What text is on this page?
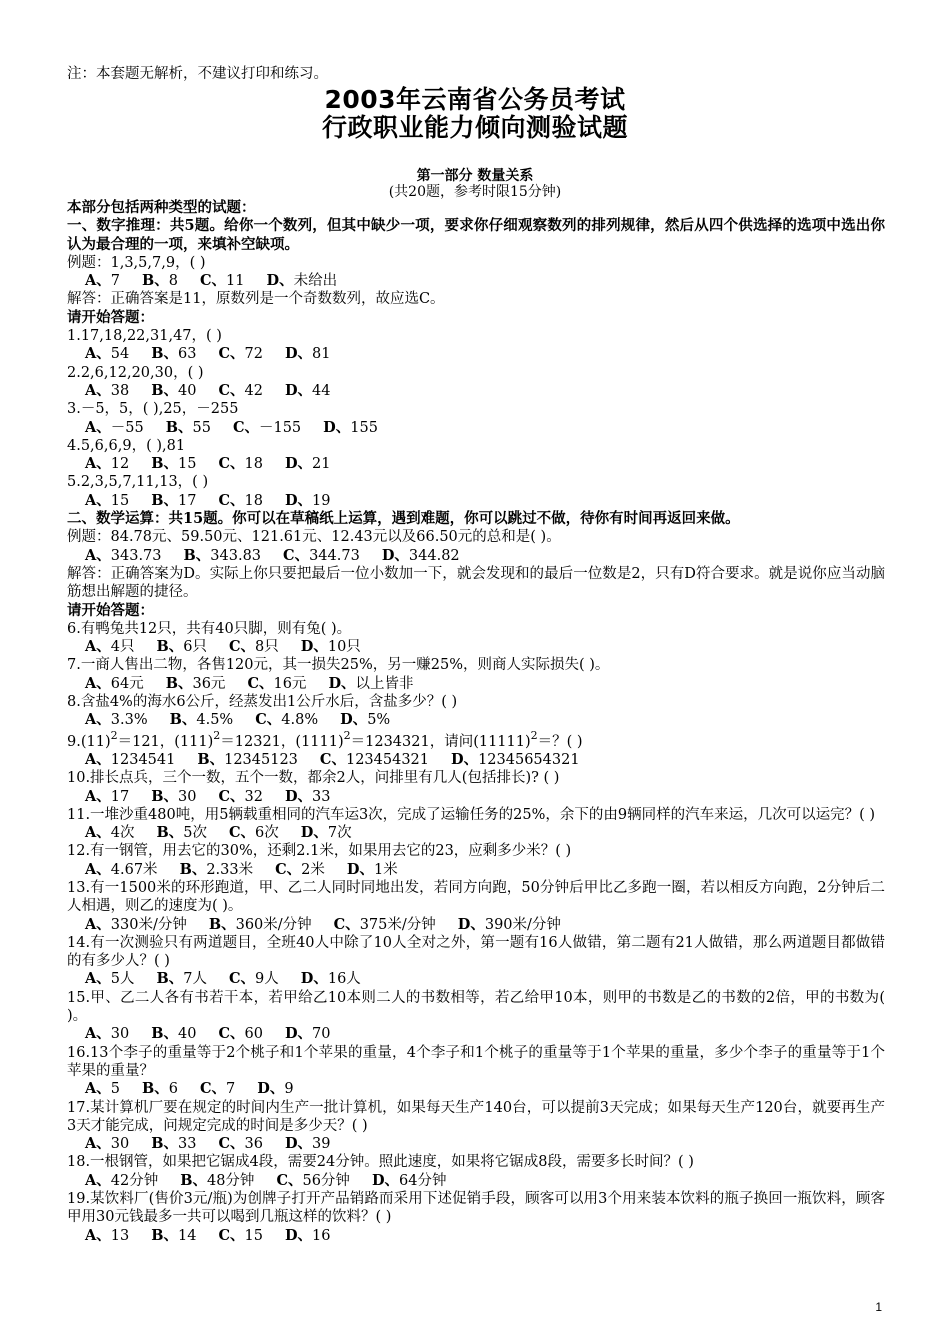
注：本套题无解析，不建议打印和练习。
2003年云南省公务员考试
行政职业能力倾向测验试题
第一部分 数量关系
(共20题，参考时限15分钟)
本部分包括两种类型的试题：
一、数字推理：共5题。给你一个数列，但其中缺少一项，要求你仔细观察数列的排列规律，然后从四个供选择的选项中选出你认为最合理的一项，来填补空缺项。
例题：1,3,5,7,9，( )
A、7 B、8 C、11 D、未给出
解答：正确答案是11，原数列是一个奇数数列，故应选C。
请开始答题：
1.17,18,22,31,47，( )
A、54 B、63 C、72 D、81
2.2,6,12,20,30，( )
A、38 B、40 C、42 D、44
3.－5，5，( ),25，－255
A、－55 B、55 C、－155 D、155
4.5,6,6,9，( ),81
A、12 B、15 C、18 D、21
5.2,3,5,7,11,13，( )
A、15 B、17 C、18 D、19
二、数学运算：共15题。你可以在草稿纸上运算，遇到难题，你可以跳过不做，待你有时间再返回来做。
例题：84.78元、59.50元、121.61元、12.43元以及66.50元的总和是( )。
A、343.73 B、343.83 C、344.73 D、344.82
解答：正确答案为D。实际上你只要把最后一位小数加一下，就会发现和的最后一位数是2，只有D符合要求。就是说你应当动脑筋想出解题的捷径。
请开始答题：
6.有鸭兔共12只，共有40只脚，则有兔( )。
A、4只 B、6只 C、8只 D、10只
7.一商人售出二物，各售120元，其一损失25%，另一赚25%，则商人实际损失( )。
A、64元 B、36元 C、16元 D、以上皆非
8.含盐4%的海水6公斤，经蒸发出1公斤水后，含盐多少？( )
A、3.3% B、4.5% C、4.8% D、5%
$9.(11)^2=121$，$(111)^2=12321$，$(1111)^2=1234321$，请问$(11111)^2=$？( )
A、1234541 B、12345123 C、123454321 D、12345654321
10.排长点兵，三个一数，五个一数，都余2人，问排里有几人(包括排长)? ( )
A、17 B、30 C、32 D、33
11.一堆沙重480吨，用5辆载重相同的汽车运3次，完成了运输任务的25%，余下的由9辆同样的汽车来运，几次可以运完？( )
A、4次 B、5次 C、6次 D、7次
12.有一钢管，用去它的30%，还剩2.1米，如果用去它的23，应剩多少米？( )
A、4.67米 B、2.33米 C、2米 D、1米
13.有一1500米的环形跑道，甲、乙二人同时同地出发，若同方向跑，50分钟后甲比乙多跑一圈，若以相反方向跑，2分钟后二人相遇，则乙的速度为( )。
A、330米/分钟 B、360米/分钟 C、375米/分钟 D、390米/分钟
14.有一次测验只有两道题目，全班40人中除了10人全对之外，第一题有16人做错，第二题有21人做错，那么两道题目都做错的有多少人？( )
A、5人 B、7人 C、9人 D、16人
15.甲、乙二人各有书若干本，若甲给乙10本则二人的书数相等，若乙给甲10本，则甲的书数是乙的书数的2倍，甲的书数为( )。
A、30 B、40 C、60 D、70
16.13个李子的重量等于2个桃子和1个苹果的重量，4个李子和1个桃子的重量等于1个苹果的重量，多少个李子的重量等于1个苹果的重量？
A、5 B、6 C、7 D、9
17.某计算机厂要在规定的时间内生产一批计算机，如果每天生产140台，可以提前3天完成；如果每天生产120台，就要再生产3天才能完成，问规定完成的时间是多少天？( )
A、30 B、33 C、36 D、39
18.一根钢管，如果把它锯成4段，需要24分钟。照此速度，如果将它锯成8段，需要多长时间？( )
A、42分钟 B、48分钟 C、56分钟 D、64分钟
19.某饮料厂(售价3元/瓶)为创牌子打开产品销路而采用下述促销手段，顾客可以用3个用来装本饮料的瓶子换回一瓶饮料，顾客甲用30元钱最多一共可以喝到几瓶这样的饮料？( )
A、13 B、14 C、15 D、16
1
